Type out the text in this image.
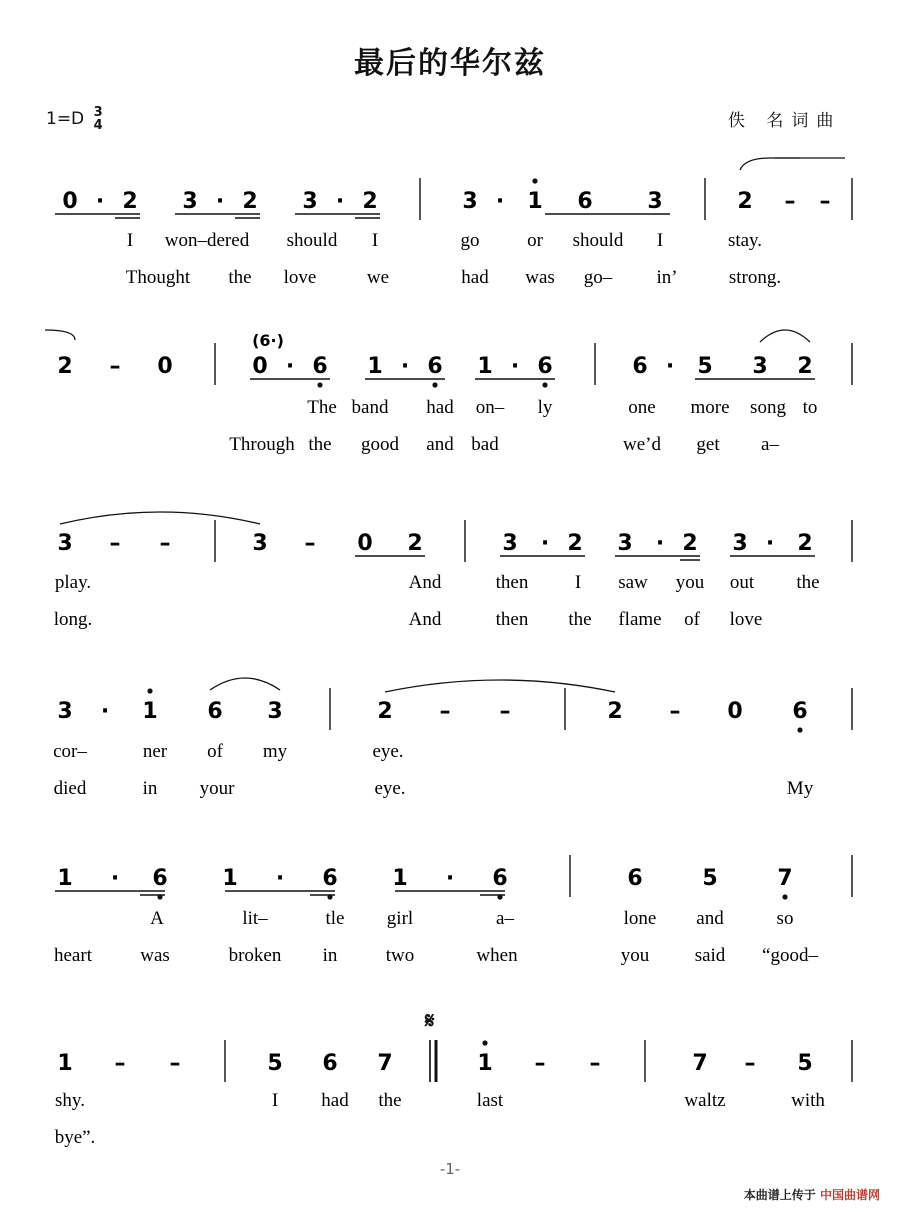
最后的华尔兹
1=D 3
4	佚 名词曲
0 · 2 3 · 2 3 · 2	3 · 1 6 3	2 – –
I won–dered should I	go	or should I	stay.
Thought the love	we	had was go– in’	strong.
2 – 0	0 · 6 1 · 6 1 · 6	6 · 5 3 2
The band had on– ly	one more song to
Through the good and bad	we’d get a–
3 – –	3 – 0 2	3 · 2 3 · 2 3 · 2
play.	And	then I saw you out the
long.	And	then the flame of love
3 · 1 6 3	2 – –	2 – 0 6
cor–	ner of my	eye.
died	in your	eye.	My
1 · 6 1 · 6 1 · 6	6	5	7
A	lit–	tle girl	a–	lone and	so
heart	was	broken in	two	when	you said “good–
1 – –	5 6 7	1 – –	7 – 5
shy.	I had the	last	waltz	with
bye”.
(6·)
𝄋
-1-
本曲谱上传于 中国曲谱网
